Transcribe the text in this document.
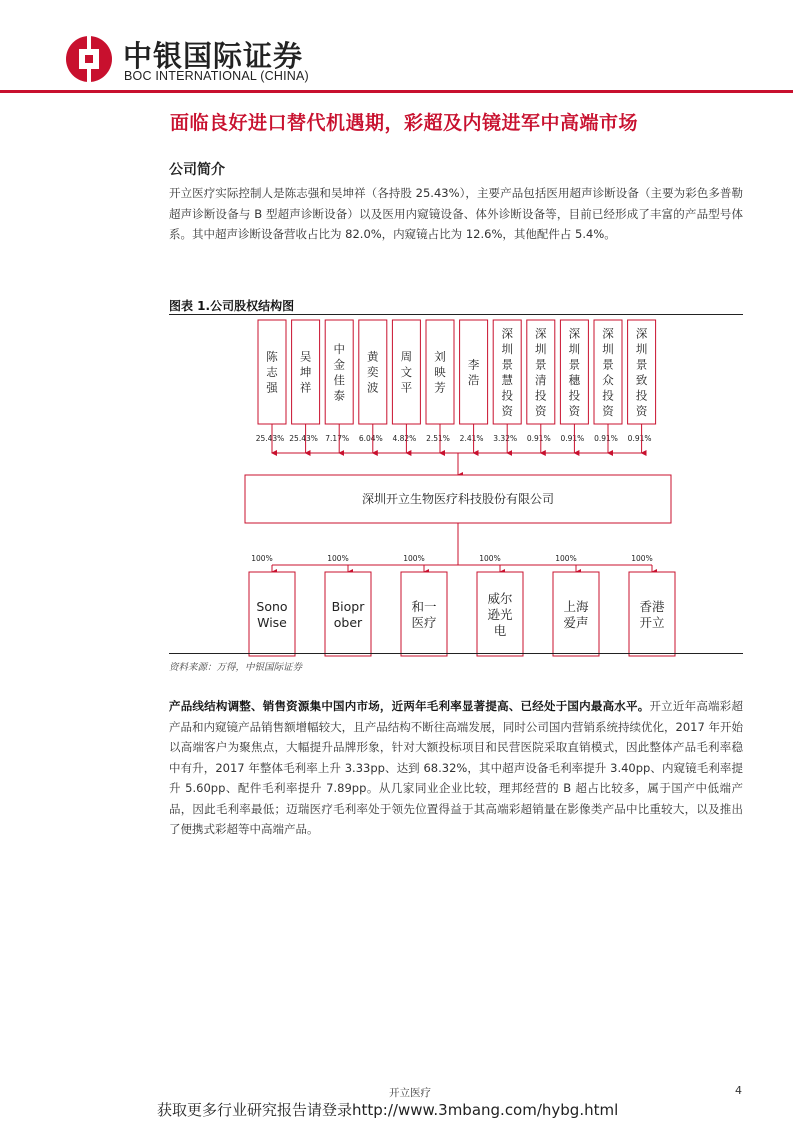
中银国际证券
BOC INTERNATIONAL (CHINA)
面临良好进口替代机遇期，彩超及内镜进军中高端市场
公司简介

开立医疗实际控制人是陈志强和吴坤祥（各持股 25.43%），主要产品包括医用超声诊断设备（主要为彩色多普勒超声诊断设备与 B 型超声诊断设备）以及医用内窥镜设备、体外诊断设备等，目前已经形成了丰富的产品型号体系。其中超声诊断设备营收占比为 82.0%，内窥镜占比为 12.6%，其他配件占 5.4%。

图表 1.公司股权结构图
陈
志
强
25.43%
吴
坤
祥
25.43%
中
金
佳
泰
7.17%
黄
奕
波
6.04%
周
文
平
4.82%
刘
映
芳
2.51%
李
浩
2.41%
深
圳
景
慧
投
资
3.32%
深
圳
景
清
投
资
0.91%
深
圳
景
穗
投
资
0.91%
深
圳
景
众
投
资
0.91%
深
圳
景
致
投
资
0.91%
深圳开立生物医疗科技股份有限公司
100%
Sono
Wise
100%
Biopr
ober
100%
和一
医疗
100%
威尔
逊光
电
100%
上海
爱声
100%
香港
开立
资料来源：万得，中银国际证券

产品线结构调整、销售资源集中国内市场，近两年毛利率显著提高、已经处于国内最高水平。开立近年高端彩超产品和内窥镜产品销售额增幅较大，且产品结构不断往高端发展，同时公司国内营销系统持续优化，2017 年开始以高端客户为聚焦点，大幅提升品牌形象，针对大额投标项目和民营医院采取直销模式，因此整体产品毛利率稳中有升，2017 年整体毛利率上升 3.33pp、达到 68.32%，其中超声设备毛利率提升 3.40pp、内窥镜毛利率提升 5.60pp、配件毛利率提升 7.89pp。从几家同业企业比较，理邦经营的 B 超占比较多，属于国产中低端产品，因此毛利率最低；迈瑞医疗毛利率处于领先位置得益于其高端彩超销量在影像类产品中比重较大，以及推出了便携式彩超等中高端产品。

开立医疗	4
获取更多行业研究报告请登录http://www.3mbang.com/hybg.html
